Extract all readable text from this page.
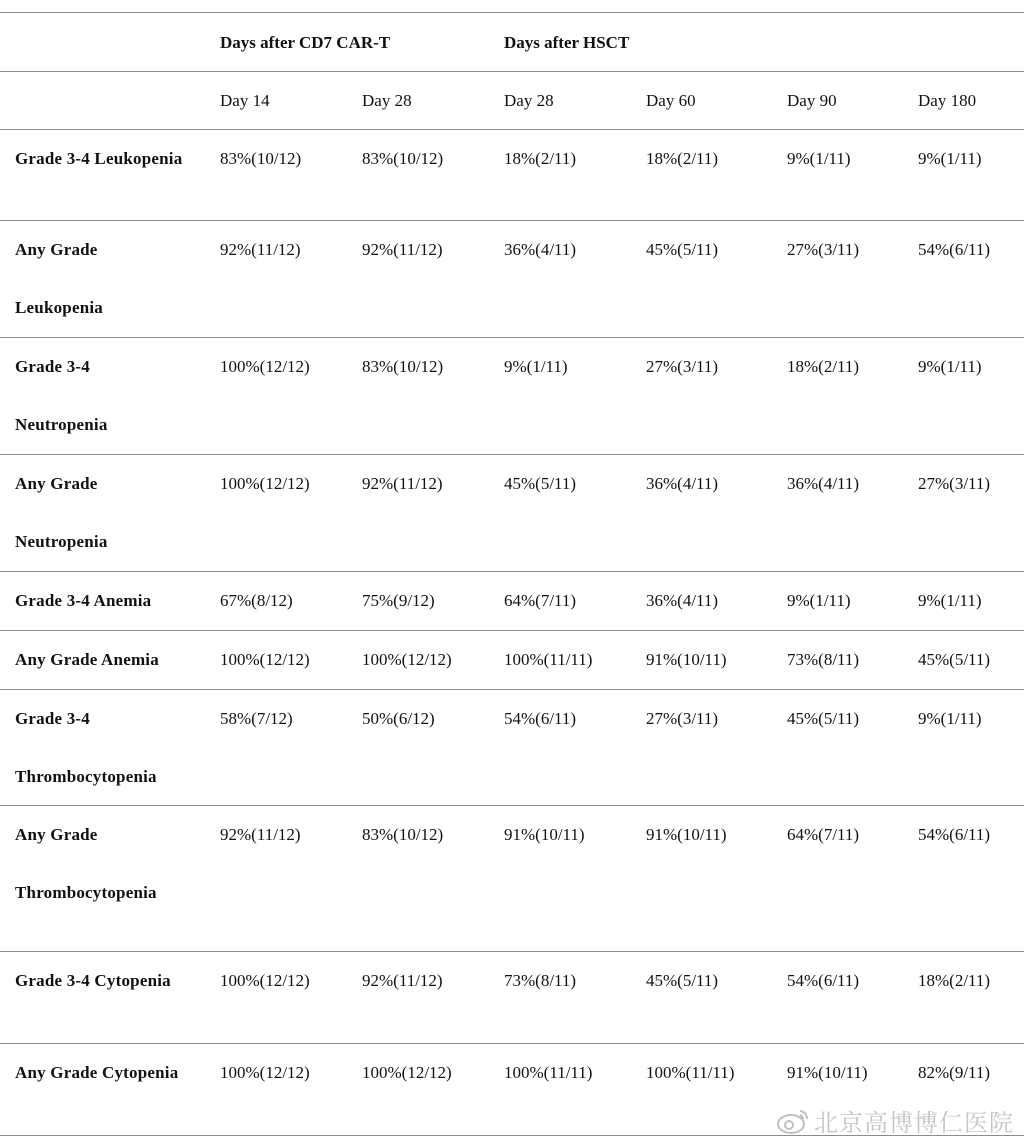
Days after CD7 CAR-T	Days after HSCT
Day 14	Day 28	Day 28	Day 60	Day 90	Day 180
Grade 3-4 Leukopenia 83%(10/12)	83%(10/12)	18%(2/11)	18%(2/11)	9%(1/11)	9%(1/11)
Any Grade
Leukopenia
92%(11/12)	92%(11/12)	36%(4/11)	45%(5/11)	27%(3/11)	54%(6/11)
Grade 3-4
Neutropenia
100%(12/12)	83%(10/12)	9%(1/11)	27%(3/11)	18%(2/11)	9%(1/11)
Any Grade
Neutropenia
100%(12/12)	92%(11/12)	45%(5/11)	36%(4/11)	36%(4/11)	27%(3/11)
Grade 3-4 Anemia	67%(8/12)	75%(9/12)	64%(7/11)	36%(4/11)	9%(1/11)	9%(1/11)
Any Grade Anemia	100%(12/12)	100%(12/12)	100%(11/11)	91%(10/11)	73%(8/11)	45%(5/11)
Grade 3-4
Thrombocytopenia
58%(7/12)	50%(6/12)	54%(6/11)	27%(3/11)	45%(5/11)	9%(1/11)
Any Grade
Thrombocytopenia
92%(11/12)	83%(10/12)	91%(10/11)	91%(10/11)	64%(7/11)	54%(6/11)
Grade 3-4 Cytopenia	100%(12/12)	92%(11/12)	73%(8/11)	45%(5/11)	54%(6/11)	18%(2/11)
Any Grade Cytopenia 100%(12/12)	100%(12/12)	100%(11/11)	100%(11/11)	91%(10/11)	82%(9/11)
北京高博博仁医院
